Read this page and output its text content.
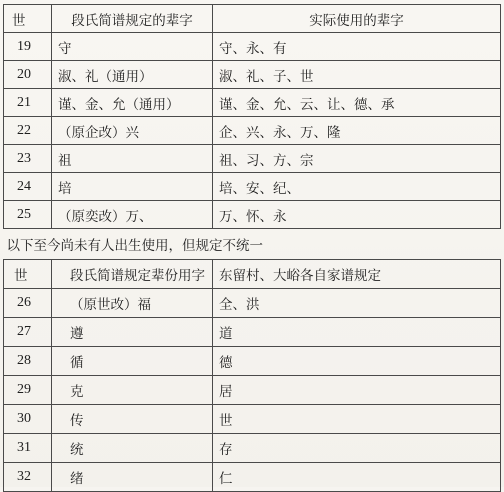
世	段氏简谱规定的辈字	实际使用的辈字
19	守	守、永、有
20	淑、礼（通用）	淑、礼、子、世
21	谨、金、允（通用）	谨、金、允、云、让、德、承
22	（原企改）兴	企、兴、永、万、隆
23	祖	祖、习、方、宗
24	培	培、安、纪、
25	（原奕改）万、	万、怀、永
以下至今尚未有人出生使用，但规定不统一		
世	段氏简谱规定辈份用字	东留村、大峪各自家谱规定
26	（原世改）福	全、洪
27	遵	道
28	循	德
29	克	居
30	传	世
31	统	存
32	绪	仁
